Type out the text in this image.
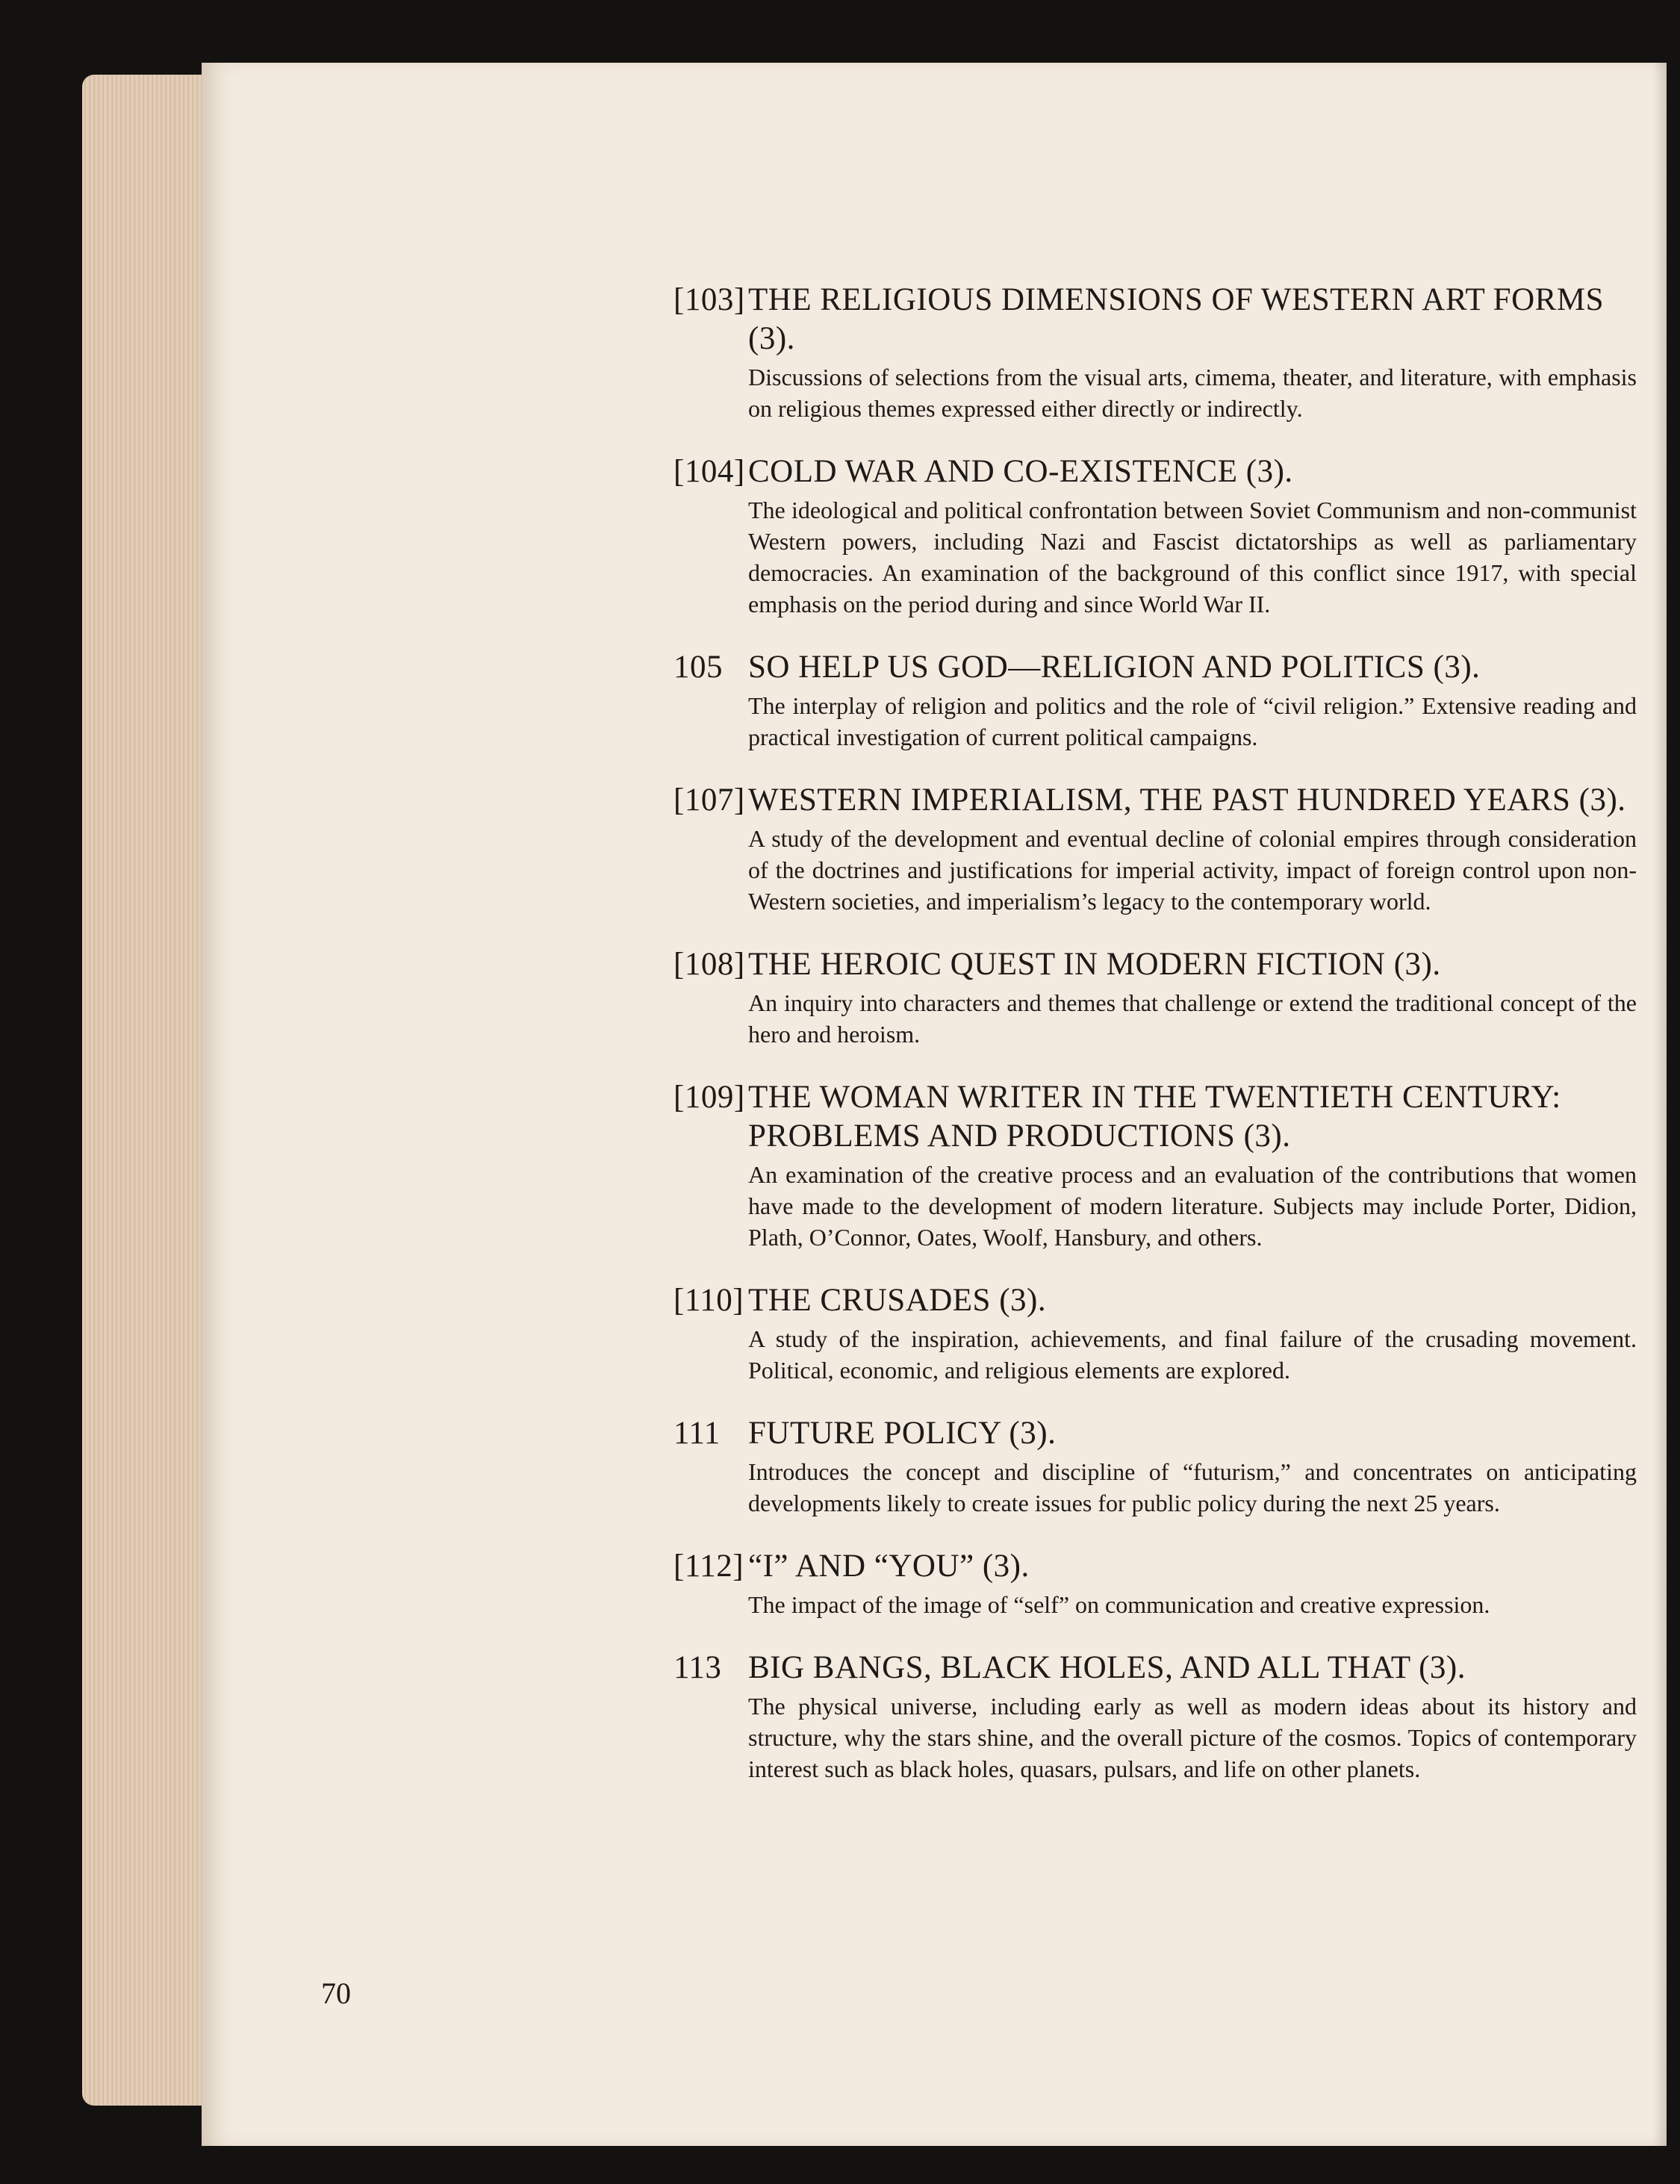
[103] THE RELIGIOUS DIMENSIONS OF WESTERN ART FORMS (3).

Discussions of selections from the visual arts, cimema, theater, and literature, with emphasis on religious themes expressed either directly or indirectly.

[104] COLD WAR AND CO-EXISTENCE (3).

The ideological and political confrontation between Soviet Communism and non-communist Western powers, including Nazi and Fascist dictatorships as well as parliamentary democracies. An examination of the background of this conflict since 1917, with special emphasis on the period during and since World War II.

105 SO HELP US GOD—RELIGION AND POLITICS (3).

The interplay of religion and politics and the role of “civil religion.” Extensive reading and practical investigation of current political campaigns.

[107] WESTERN IMPERIALISM, THE PAST HUNDRED YEARS (3).

A study of the development and eventual decline of colonial empires through consideration of the doctrines and justifications for imperial activity, impact of foreign control upon non-Western societies, and imperialism’s legacy to the contemporary world.

[108] THE HEROIC QUEST IN MODERN FICTION (3).

An inquiry into characters and themes that challenge or extend the traditional concept of the hero and heroism.

[109] THE WOMAN WRITER IN THE TWENTIETH CENTURY: PROBLEMS AND PRODUCTIONS (3).

An examination of the creative process and an evaluation of the contributions that women have made to the development of modern literature. Subjects may include Porter, Didion, Plath, O’Connor, Oates, Woolf, Hansbury, and others.

[110] THE CRUSADES (3).

A study of the inspiration, achievements, and final failure of the crusading movement. Political, economic, and religious elements are explored.

111 FUTURE POLICY (3).

Introduces the concept and discipline of “futurism,” and concentrates on anticipating developments likely to create issues for public policy during the next 25 years.

[112] “I” AND “YOU” (3).

The impact of the image of “self” on communication and creative expression.

113 BIG BANGS, BLACK HOLES, AND ALL THAT (3).

The physical universe, including early as well as modern ideas about its history and structure, why the stars shine, and the overall picture of the cosmos. Topics of contemporary interest such as black holes, quasars, pulsars, and life on other planets.

70
